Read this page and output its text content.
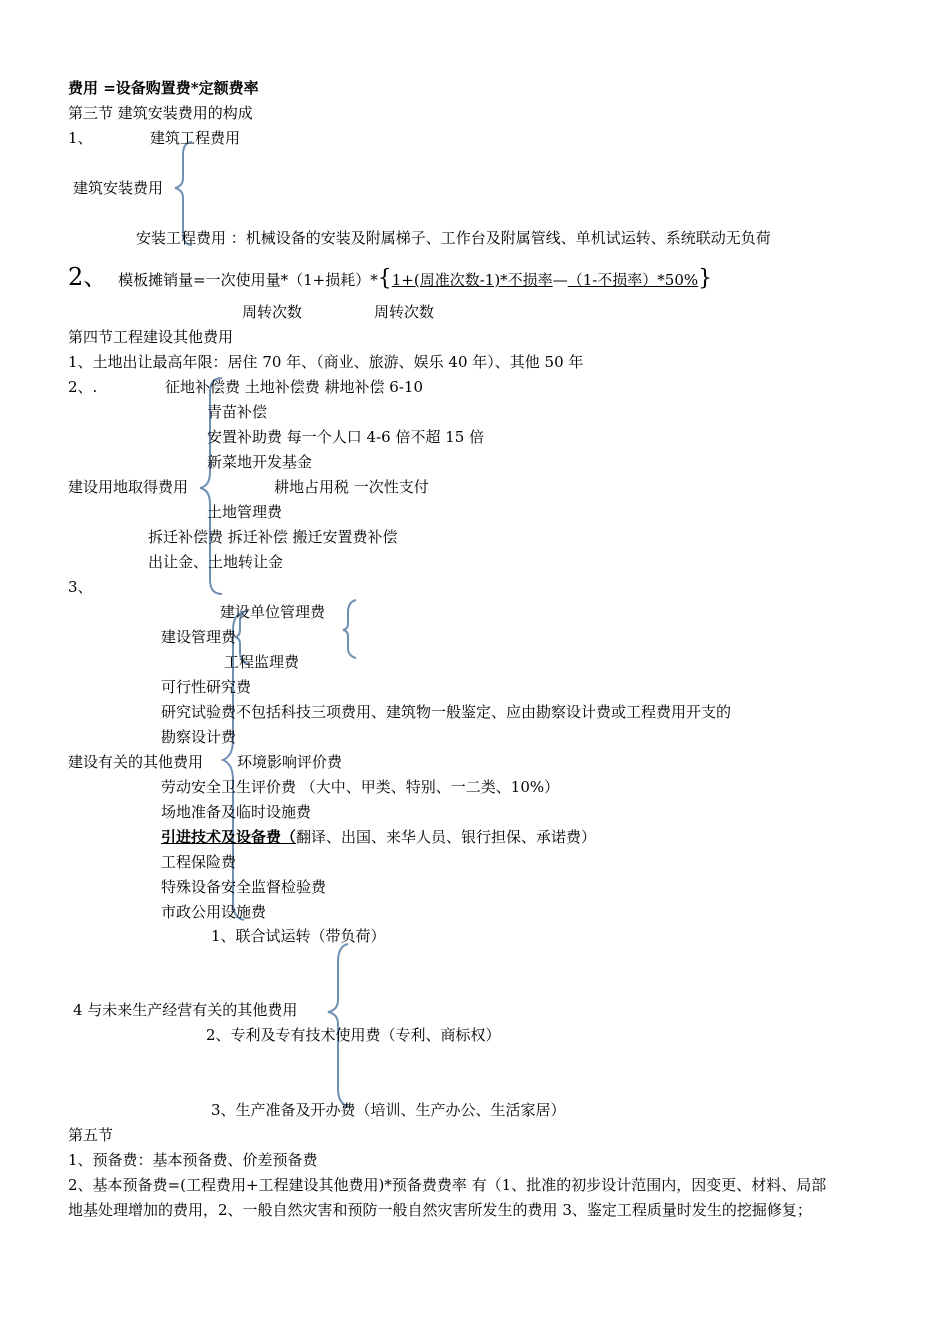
费用 =设备购置费*定额费率
第三节 建筑安装费用的构成
1、	建筑工程费用
建筑安装费用
安装工程费用 ：机械设备的安装及附属梯子、工作台及附属管线、单机试运转、系统联动无负荷
2、 模板摊销量=一次使用量*（1+损耗）*{1+(周准次数-1)*不损率—（1-不损率）*50%}
周转次数	周转次数
第四节工程建设其他费用
1、土地出让最高年限：居住 70 年、（商业、旅游、娱乐 40 年）、其他 50 年
2、.	征地补偿费 土地补偿费 耕地补偿 6-10
青苗补偿
安置补助费 每一个人口 4-6 倍不超 15 倍
新菜地开发基金
建设用地取得费用	耕地占用税 一次性支付
土地管理费
拆迁补偿费 拆迁补偿 搬迁安置费补偿
出让金、土地转让金
3、
建设单位管理费
建设管理费
工程监理费
可行性研究费
研究试验费不包括科技三项费用、建筑物一般鉴定、应由勘察设计费或工程费用开支的
勘察设计费
建设有关的其他费用 环境影响评价费
劳动安全卫生评价费 （大中、甲类、特别、一二类、10%）
场地准备及临时设施费
引进技术及设备费（翻译、出国、来华人员、银行担保、承诺费）
工程保险费
特殊设备安全监督检验费
市政公用设施费
1、联合试运转（带负荷）
4 与未来生产经营有关的其他费用
2、专利及专有技术使用费（专利、商标权）
3、生产准备及开办费（培训、生产办公、生活家居）
第五节
1、预备费：基本预备费、价差预备费
2、基本预备费=(工程费用+工程建设其他费用)*预备费费率 有（1、批准的初步设计范围内，因变更、材料、局部
地基处理增加的费用，2、一般自然灾害和预防一般自然灾害所发生的费用 3、鉴定工程质量时发生的挖掘修复；
